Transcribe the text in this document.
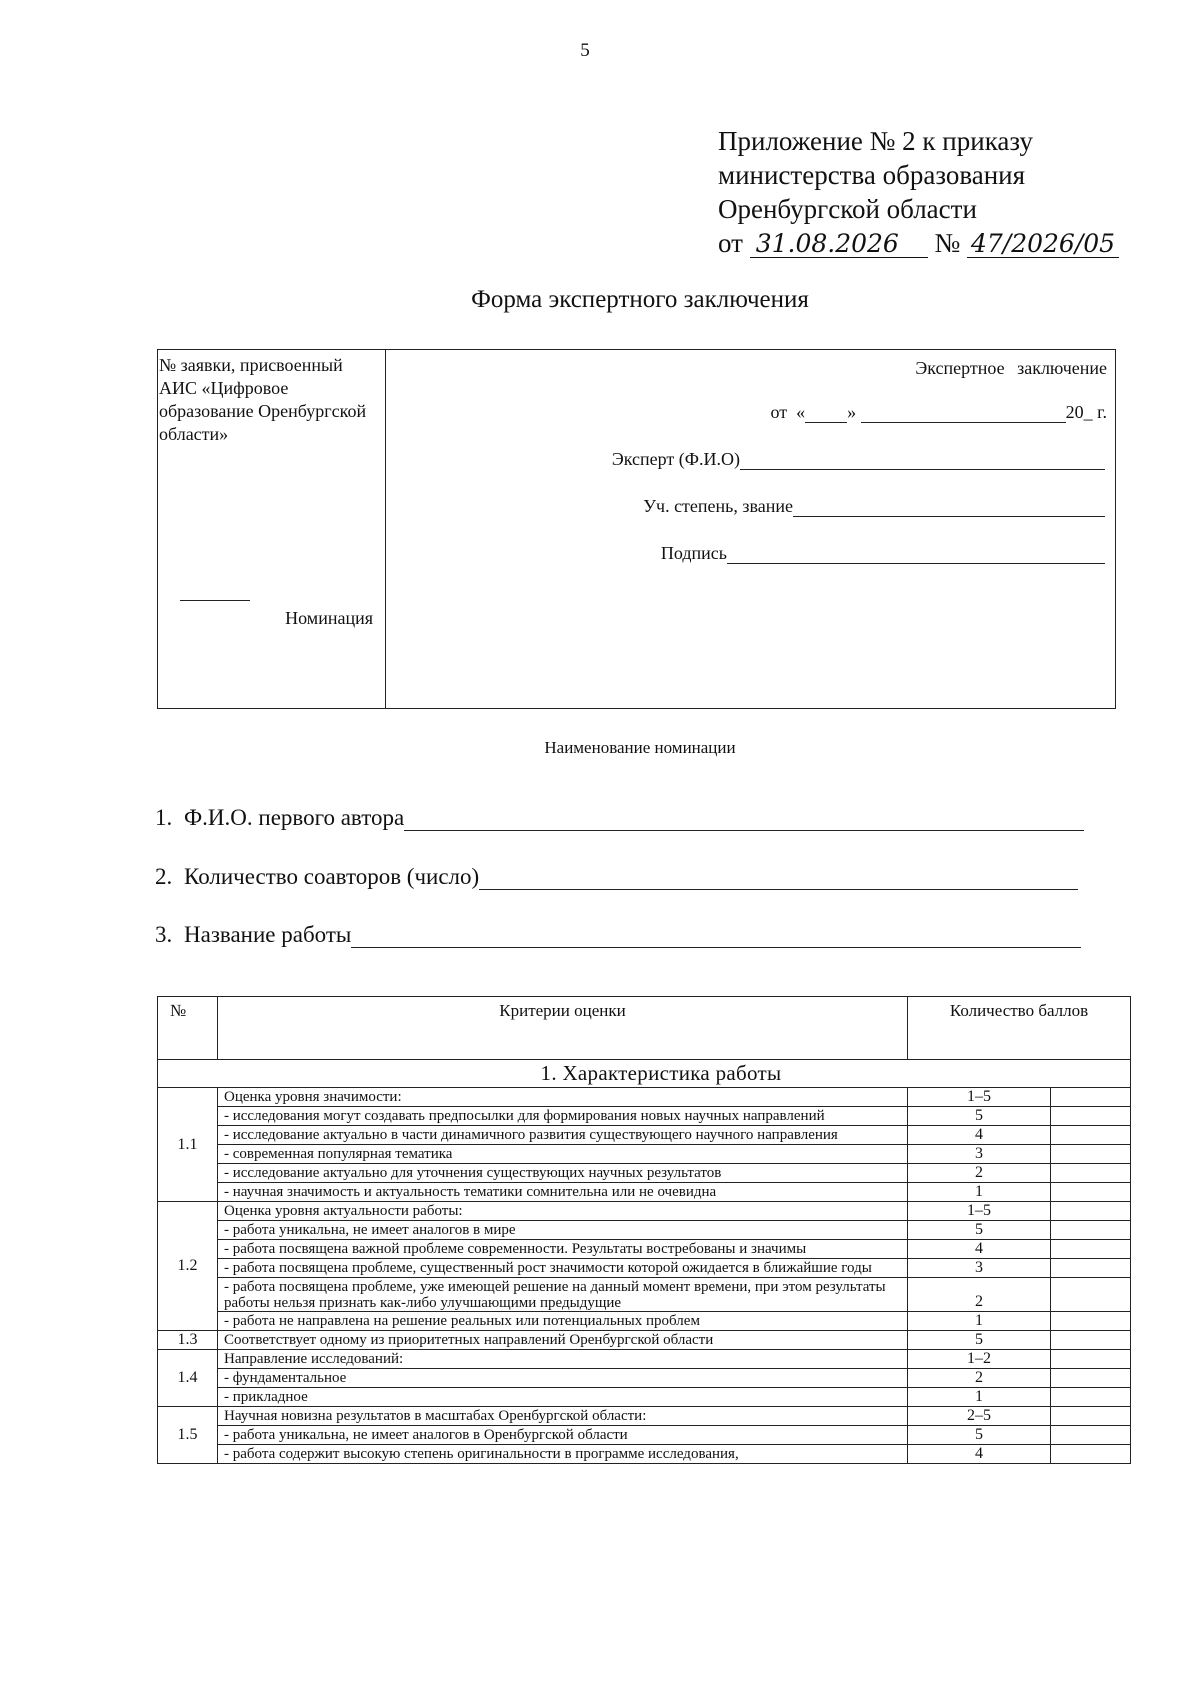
5
Приложение № 2 к приказу
министерства образования
Оренбургской области
от 31.08.2026 № 47/2026/05
Форма экспертного заключения
№ заявки, присвоенный АИС «Цифровое образование Оренбургской области»
Номинация
Экспертное заключение
от
« »
	20_ г.
Эксперт (Ф.И.О)
Уч. степень, звание
Подпись
Наименование номинации
1. Ф.И.О. первого автора
2. Количество соавторов (число)
3. Название работы
№	Критерии оценки	Количество баллов	
1. Характеристика работы			
1.1	Оценка уровня значимости:	1–5	
	- исследования могут создавать предпосылки для формирования новых научных направлений	5	
	- исследование актуально в части динамичного развития существующего научного направления	4	
	- современная популярная тематика	3	
	- исследование актуально для уточнения существующих научных результатов	2	
	- научная значимость и актуальность тематики сомнительна или не очевидна	1	
1.2	Оценка уровня актуальности работы:	1–5	
	- работа уникальна, не имеет аналогов в мире	5	
	- работа посвящена важной проблеме современности. Результаты востребованы и значимы	4	
	- работа посвящена проблеме, существенный рост значимости которой ожидается в ближайшие годы	3	
	- работа посвящена проблеме, уже имеющей решение на данный момент времени, при этом результаты работы нельзя признать как-либо улучшающими предыдущие	2	
	- работа не направлена на решение реальных или потенциальных проблем	1	
1.3	Соответствует одному из приоритетных направлений Оренбургской области	5	
1.4	Направление исследований:	1–2	
	- фундаментальное	2	
	- прикладное	1	
1.5	Научная новизна результатов в масштабах Оренбургской области:	2–5	
	- работа уникальна, не имеет аналогов в Оренбургской области	5	
	- работа содержит высокую степень оригинальности в программе исследования,	4	
